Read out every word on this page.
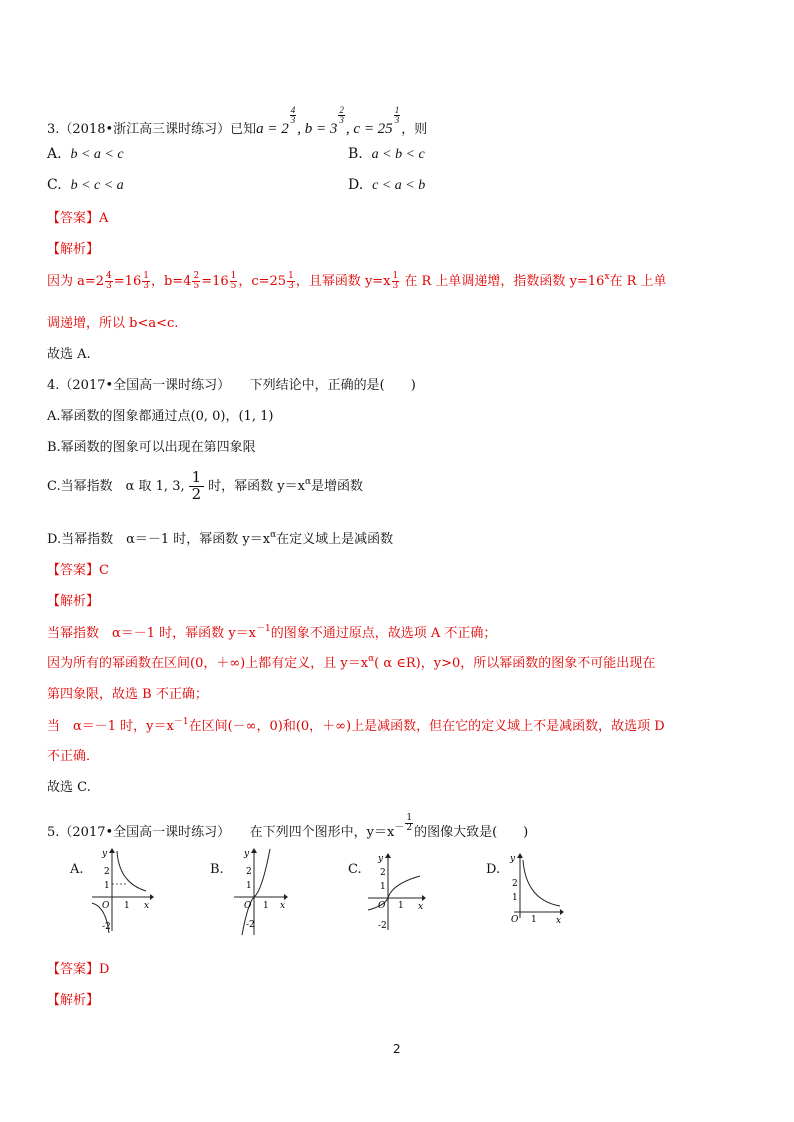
3.（2018•浙江高三课时练习）已知a = 2
$\frac{4}{3}$
, b = 3
$\frac{2}{3}$
, c = 25
$\frac{1}{3}$
，则
A. b < a < c	B. a < b < c
C. b < c < a	D. c < a < b
【答案】A
【解析】
因为 $a=2 \frac{4}{3} =16 \frac{1}{3}$ ，$b=4 \frac{2}{5} =16 \frac{1}{5}$ ，$c=25 \frac{1}{3}$ ，且幂函数 $y=x \frac{1}{3}$ 在 R 上单调递增，指数函数 $y=16^x$在 R 上单
调递增，所以 b<a<c.
故选 A.
4.（2017•全国高一课时练习）　　下列结论中，正确的是(　　)
A.幂函数的图象都通过点(0, 0)，(1, 1)
B.幂函数的图象可以出现在第四象限
C.当幂指数　α 取 1, 3, $\frac{1}{2}$ 时，幂函数 $y=x^\alpha$是增函数
D.当幂指数　α＝－1 时，幂函数 $y=x^\alpha$在定义域上是减函数
【答案】C
【解析】
当幂指数　α＝－1 时，幂函数 $y=x^{-1}$的图象不通过原点，故选项 A 不正确；
因为所有的幂函数在区间(0，＋∞)上都有定义，且 $y=x^\alpha$( α ∈R)，y>0，所以幂函数的图象不可能出现在
第四象限，故选 B 不正确；
当　α＝－1 时，$y=x^{-1}$在区间(－∞，0)和(0，＋∞)上是减函数，但在它的定义域上不是减函数，故选项 D
不正确．
故选 C.
5.（2017•全国高一课时练习）　　在下列四个图形中，$y=x^- \frac{1}{2}$ 的图像大致是(　　)
A.
y
2
1
O 1 x
-2
B.
y
2
1
O 1 x
-2
C.
y
2
1
O 1 x
-2
D.
y
2
1
O 1 x
【答案】D
【解析】
2
